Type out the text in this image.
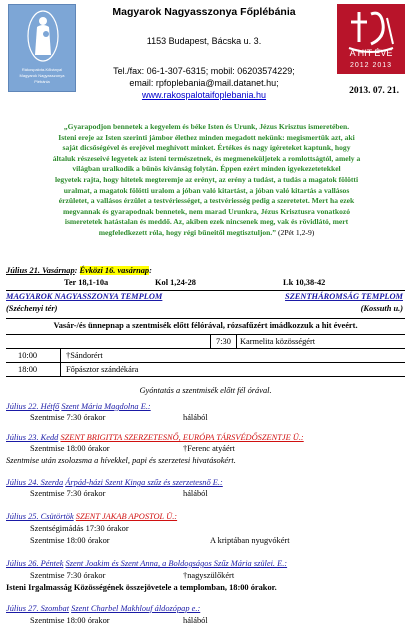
Rákospalota-Kőbányai
Magyarok Nagyasszonya
Plébánia
Magyarok Nagyasszonya Főplébánia
1153 Budapest, Bácska u. 3.
Tel./fax: 06-1-307-6315; mobil: 06203574229;
email: rpfoplebania@mail.datanet.hu;
www.rakospalotaifoplebania.hu
A HIT ÉVE
2012 2013
2013. 07. 21.
„Gyarapodjon bennetek a kegyelem és béke Isten és Urunk, Jézus Krisztus ismeretében.
Isteni ereje az Isten szerinti jámbor élethez minden megadott nekünk: megismertük azt, aki
saját dicsőségével és erejével meghívott minket. Értékes és nagy ígéreteket kaptunk, hogy
általuk részeseivé legyetek az isteni természetnek, és megmeneküljetek a romlottságtól, amely a
világban uralkodik a bűnös kívánság folytán. Éppen ezért minden igyekezetetekkel
legyetek rajta, hogy hitetek megteremje az erényt, az erény a tudást, a tudás a magatok fölötti
uralmat, a magatok fölötti uralom a jóban való kitartást, a jóban való kitartás a vallásos
érzületet, a vallásos érzület a testvériességet, a testvériesség pedig a szeretetet. Mert ha ezek
megvannak és gyarapodnak bennetek, nem marad Urunkra, Jézus Krisztusra vonatkozó
ismeretetek hatástalan és meddő. Az, akiben ezek nincsenek meg, vak és rövidlátó, mert
megfeledkezett róla, hogy régi bűneitől megtisztuljon.” (2Pét 1,2-9)
Július 21. Vasárnap: Évközi 16. vasárnap:
Ter 18,1-10a	Kol 1,24-28	Lk 10,38-42
MAGYAROK NAGYASSZONYA TEMPLOM	SZENTHÁROMSÁG TEMPLOM
(Széchenyi tér)	(Kossuth u.)
Vasár-/és ünnepnap a szentmisék előtt félórával, rózsafűzért imádkozzuk a hit éveért.
7:30 Karmelita közösségért
10:00	†Sándorért
18:00	Főpásztor szándékára
Gyóntatás a szentmisék előtt fél órával.
Július 22. Hétfő Szent Mária Magdolna E.:
Szentmise 7:30 órakor	hálából
Július 23. Kedd SZENT BRIGITTA SZERZETESNŐ, EURÓPA TÁRSVÉDŐSZENTJE Ü.:
Szentmise 18:00 órakor	†Ferenc atyáért
Szentmise után zsolozsma a hívekkel, papi és szerzetesi hivatásokért.
Július 24. Szerda Árpád-házi Szent Kinga szűz és szerzetesnő E.:
Szentmise 7:30 órakor	hálából
Július 25. Csütörtök SZENT JAKAB APOSTOL Ü.:
Szentségimádás 17:30 órakor
Szentmise 18:00 órakor	A kriptában nyugvókért
Július 26. Péntek Szent Joakim és Szent Anna, a Boldogságos Szűz Mária szülei. E.:
Szentmise 7:30 órakor	†nagyszülőkért
Isteni Irgalmasság Közösségének összejövetele a templomban, 18:00 órakor.
Július 27. Szombat Szent Charbel Makhlouf áldozópap e.:
Szentmise 18:00 órakor	hálából
